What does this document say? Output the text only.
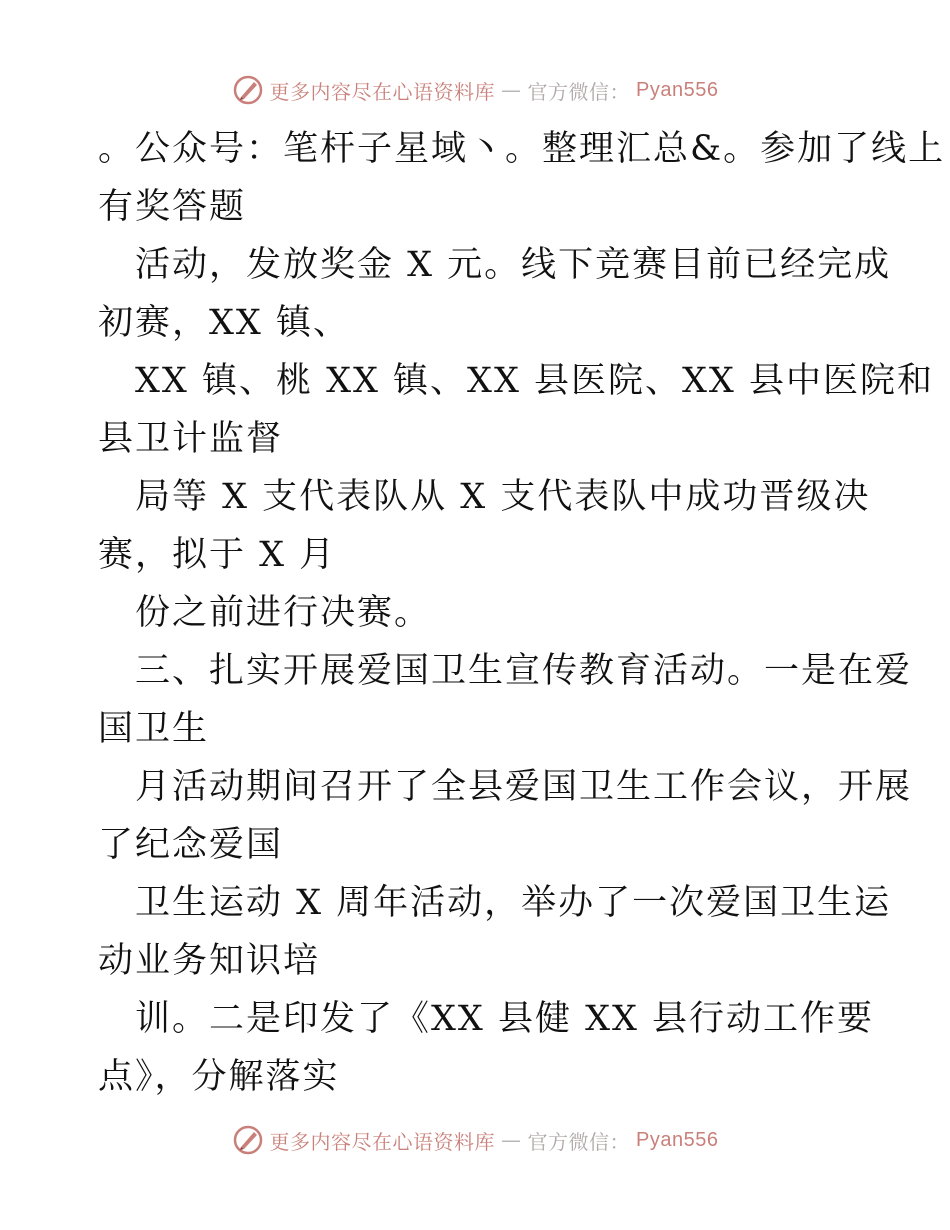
更多内容尽在心语资料库 — 官方微信： Pyan556
。公众号：笔杆子星域丶。整理汇总&。参加了线上
有奖答题
活动，发放奖金 X 元。线下竞赛目前已经完成
初赛，XX 镇、
XX 镇、桃 XX 镇、XX 县医院、XX 县中医院和
县卫计监督
局等 X 支代表队从 X 支代表队中成功晋级决
赛，拟于 X 月
份之前进行决赛。
三、扎实开展爱国卫生宣传教育活动。一是在爱
国卫生
月活动期间召开了全县爱国卫生工作会议，开展
了纪念爱国
卫生运动 X 周年活动，举办了一次爱国卫生运
动业务知识培
训。二是印发了《XX 县健 XX 县行动工作要
点》，分解落实
更多内容尽在心语资料库 — 官方微信： Pyan556
